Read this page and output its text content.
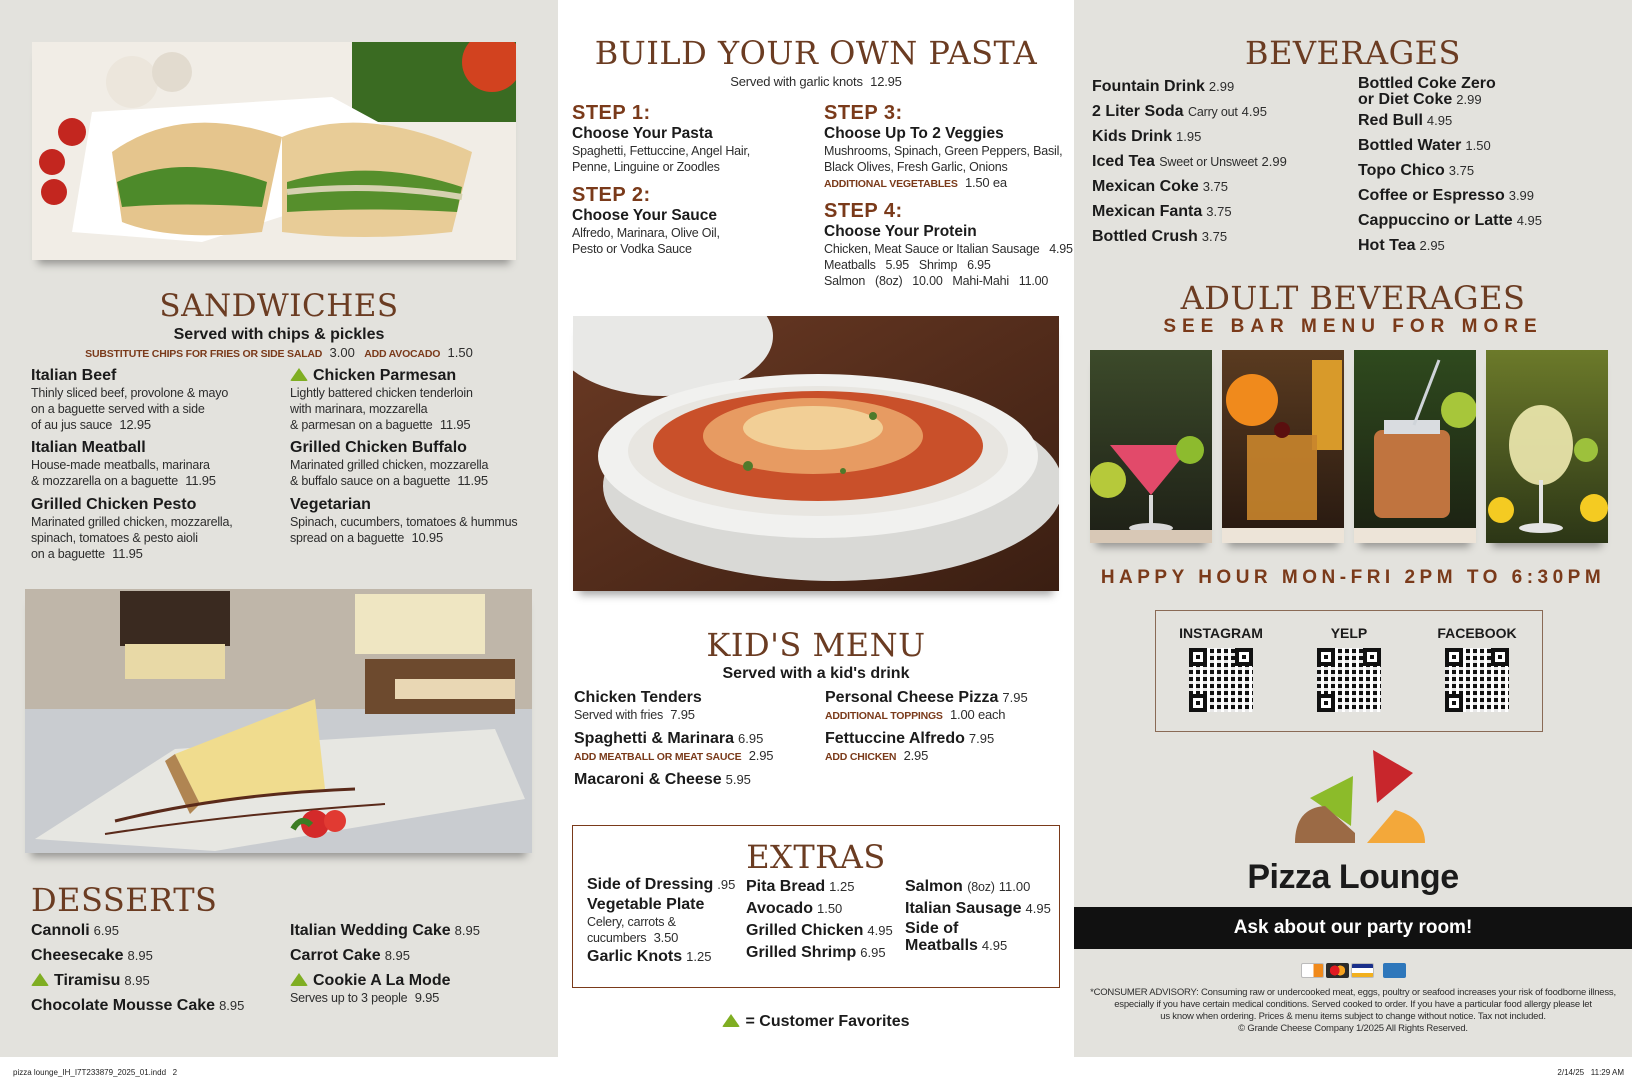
SANDWICHES
Served with chips & pickles
SUBSTITUTE CHIPS FOR FRIES OR SIDE SALAD 3.00 ADD AVOCADO 1.50
Italian Beef
Thinly sliced beef, provolone & mayo
on a baguette served with a side
of au jus sauce 12.95
Chicken Parmesan
Lightly battered chicken tenderloin
with marinara, mozzarella
& parmesan on a baguette 11.95
Italian Meatball
House-made meatballs, marinara
& mozzarella on a baguette 11.95
Grilled Chicken Buffalo
Marinated grilled chicken, mozzarella
& buffalo sauce on a baguette 11.95
Grilled Chicken Pesto
Marinated grilled chicken, mozzarella,
spinach, tomatoes & pesto aioli
on a baguette 11.95
Vegetarian
Spinach, cucumbers, tomatoes & hummus
spread on a baguette 10.95
DESSERTS
Cannoli 6.95	Italian Wedding Cake 8.95
Cheesecake 8.95	Carrot Cake 8.95
Tiramisu 8.95	Cookie A La Mode
Serves up to 3 people 9.95
Chocolate Mousse Cake 8.95
BUILD YOUR OWN PASTA
Served with garlic knots 12.95
STEP 1:
Choose Your Pasta
Spaghetti, Fettuccine, Angel Hair,
Penne, Linguine or Zoodles
STEP 2:
Choose Your Sauce
Alfredo, Marinara, Olive Oil,
Pesto or Vodka Sauce
STEP 3:
Choose Up To 2 Veggies
Mushrooms, Spinach, Green Peppers, Basil,
Black Olives, Fresh Garlic, Onions
ADDITIONAL VEGETABLES 1.50 ea
STEP 4:
Choose Your Protein
Chicken, Meat Sauce or Italian Sausage   4.95
Meatballs   5.95   Shrimp   6.95
Salmon   (8oz)   10.00   Mahi-Mahi   11.00
KID'S MENU
Served with a kid's drink
Chicken Tenders
Served with fries 7.95
Personal Cheese Pizza 7.95
ADDITIONAL TOPPINGS 1.00 each
Spaghetti & Marinara 6.95
ADD MEATBALL OR MEAT SAUCE 2.95
Fettuccine Alfredo 7.95
ADD CHICKEN 2.95
Macaroni & Cheese 5.95
EXTRAS
Side of Dressing .95
Vegetable Plate
Celery, carrots &
cucumbers 3.50
Garlic Knots 1.25
Pita Bread 1.25
Avocado 1.50
Grilled Chicken 4.95
Grilled Shrimp 6.95
Salmon (8oz) 11.00
Italian Sausage 4.95
Side of
Meatballs 4.95
= Customer Favorites
BEVERAGES
Fountain Drink 2.99
2 Liter Soda Carry out 4.95
Kids Drink 1.95
Iced Tea Sweet or Unsweet 2.99
Mexican Coke 3.75
Mexican Fanta 3.75
Bottled Crush 3.75
Bottled Coke Zero
or Diet Coke 2.99
Red Bull 4.95
Bottled Water 1.50
Topo Chico 3.75
Coffee or Espresso 3.99
Cappuccino or Latte 4.95
Hot Tea 2.95
ADULT BEVERAGES
SEE BAR MENU FOR MORE
HAPPY HOUR MON-FRI 2PM TO 6:30PM
INSTAGRAM	YELP	FACEBOOK
Pizza Lounge
Ask about our party room!
*CONSUMER ADVISORY: Consuming raw or undercooked meat, eggs, poultry or seafood increases your risk of foodborne illness,
especially if you have certain medical conditions. Served cooked to order. If you have a particular food allergy please let
us know when ordering. Prices & menu items subject to change without notice. Tax not included.
© Grande Cheese Company 1/2025 All Rights Reserved.
pizza lounge_IH_I7T233879_2025_01.indd   2	2/14/25   11:29 AM
